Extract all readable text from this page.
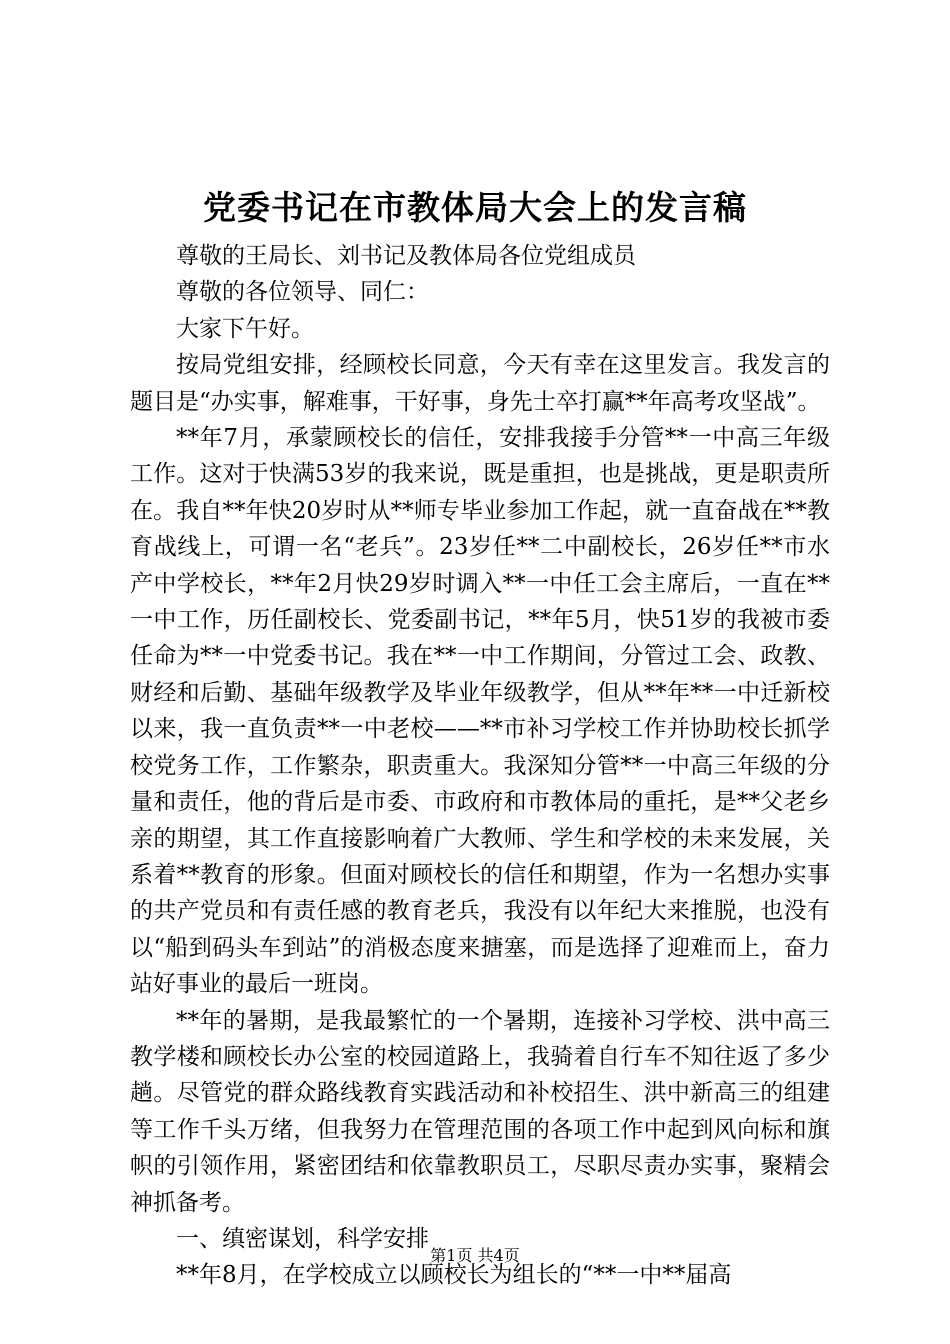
党委书记在市教体局大会上的发言稿

尊敬的王局长、刘书记及教体局各位党组成员

尊敬的各位领导、同仁：

大家下午好。

按局党组安排，经顾校长同意，今天有幸在这里发言。我发言的题目是“办实事，解难事，干好事，身先士卒打赢**年高考攻坚战”。

**年7月，承蒙顾校长的信任，安排我接手分管**一中高三年级工作。这对于快满53岁的我来说，既是重担，也是挑战，更是职责所在。我自**年快20岁时从**师专毕业参加工作起，就一直奋战在**教育战线上，可谓一名“老兵”。23岁任**二中副校长，26岁任**市水产中学校长，**年2月快29岁时调入**一中任工会主席后，一直在**一中工作，历任副校长、党委副书记，**年5月，快51岁的我被市委任命为**一中党委书记。我在**一中工作期间，分管过工会、政教、财经和后勤、基础年级教学及毕业年级教学，但从**年**一中迁新校以来，我一直负责**一中老校——**市补习学校工作并协助校长抓学校党务工作，工作繁杂，职责重大。我深知分管**一中高三年级的分量和责任，他的背后是市委、市政府和市教体局的重托，是**父老乡亲的期望，其工作直接影响着广大教师、学生和学校的未来发展，关系着**教育的形象。但面对顾校长的信任和期望，作为一名想办实事的共产党员和有责任感的教育老兵，我没有以年纪大来推脱，也没有以“船到码头车到站”的消极态度来搪塞，而是选择了迎难而上，奋力站好事业的最后一班岗。

**年的暑期，是我最繁忙的一个暑期，连接补习学校、洪中高三教学楼和顾校长办公室的校园道路上，我骑着自行车不知往返了多少趟。尽管党的群众路线教育实践活动和补校招生、洪中新高三的组建等工作千头万绪，但我努力在管理范围的各项工作中起到风向标和旗帜的引领作用，紧密团结和依靠教职员工，尽职尽责办实事，聚精会神抓备考。

一、缜密谋划，科学安排

**年8月，在学校成立以顾校长为组长的“**一中**届高

第1页 共4页
